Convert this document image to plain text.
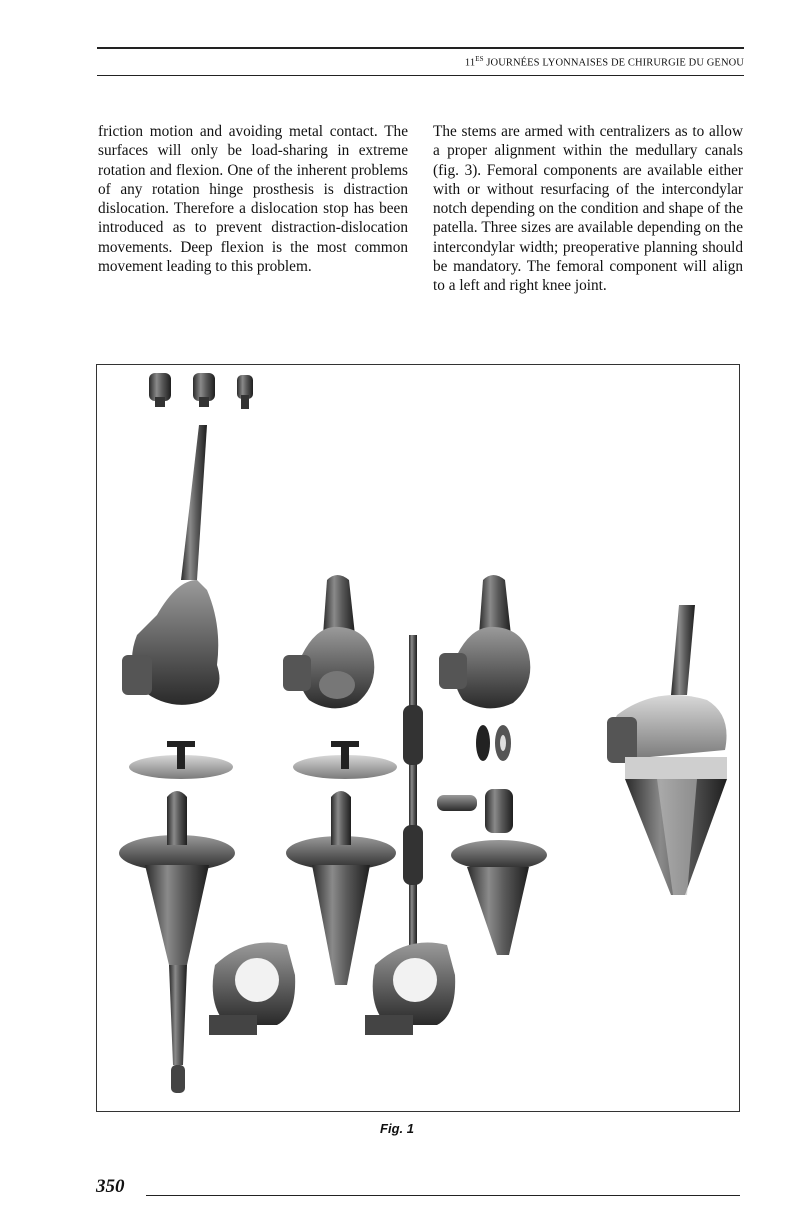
$11^{ES}$ JOURNÉES LYONNAISES DE CHIRURGIE DU GENOU

friction motion and avoiding metal contact. The surfaces will only be load-sharing in extreme rotation and flexion. One of the inherent problems of any rotation hinge prosthesis is distraction dislocation. Therefore a dislocation stop has been introduced as to prevent distraction-dislocation movements. Deep flexion is the most common movement leading to this problem.

The stems are armed with centralizers as to allow a proper alignment within the medullary canals (fig. 3). Femoral components are available either with or without resurfacing of the intercondylar notch depending on the condition and shape of the patella. Three sizes are available depending on the intercondylar width; preoperative planning should be mandatory. The femoral component will align to a left and right knee joint.

Fig. 1
350
